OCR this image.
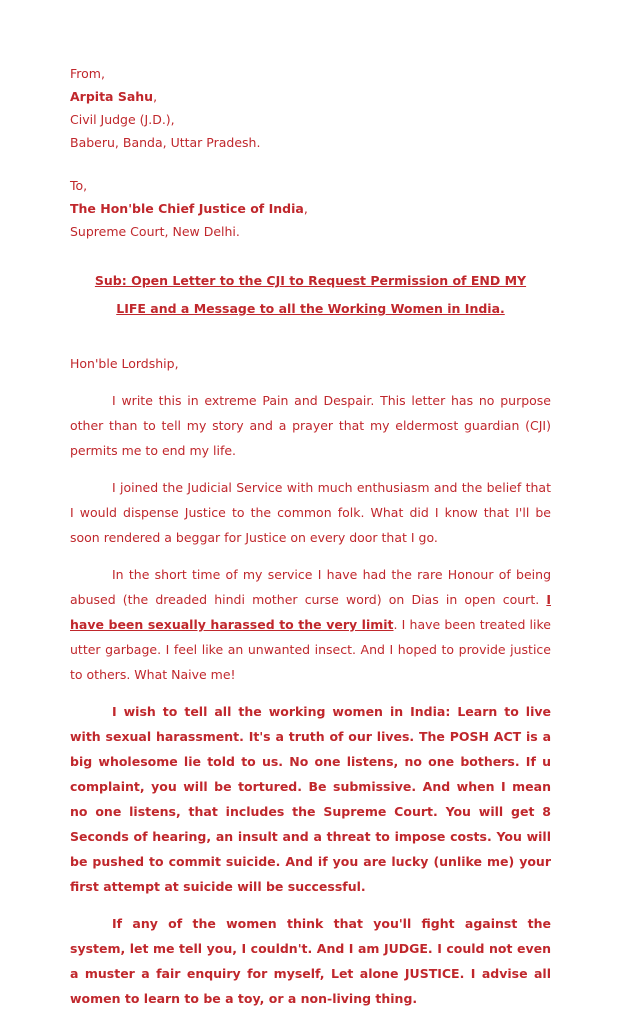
From,
Arpita Sahu,
Civil Judge (J.D.),
Baberu, Banda, Uttar Pradesh.
To,
The Hon'ble Chief Justice of India,
Supreme Court, New Delhi.
Sub: Open Letter to the CJI to Request Permission of END MY LIFE and a Message to all the Working Women in India.
Hon'ble Lordship,
I write this in extreme Pain and Despair. This letter has no purpose other than to tell my story and a prayer that my eldermost guardian (CJI) permits me to end my life.
I joined the Judicial Service with much enthusiasm and the belief that I would dispense Justice to the common folk. What did I know that I'll be soon rendered a beggar for Justice on every door that I go.
In the short time of my service I have had the rare Honour of being abused (the dreaded hindi mother curse word) on Dias in open court. I have been sexually harassed to the very limit. I have been treated like utter garbage. I feel like an unwanted insect. And I hoped to provide justice to others. What Naive me!
I wish to tell all the working women in India: Learn to live with sexual harassment. It's a truth of our lives. The POSH ACT is a big wholesome lie told to us. No one listens, no one bothers. If u complaint, you will be tortured. Be submissive. And when I mean no one listens, that includes the Supreme Court. You will get 8 Seconds of hearing, an insult and a threat to impose costs. You will be pushed to commit suicide. And if you are lucky (unlike me) your first attempt at suicide will be successful.
If any of the women think that you'll fight against the system, let me tell you, I couldn't. And I am JUDGE. I could not even a muster a fair enquiry for myself, Let alone JUSTICE. I advise all women to learn to be a toy, or a non-living thing.
